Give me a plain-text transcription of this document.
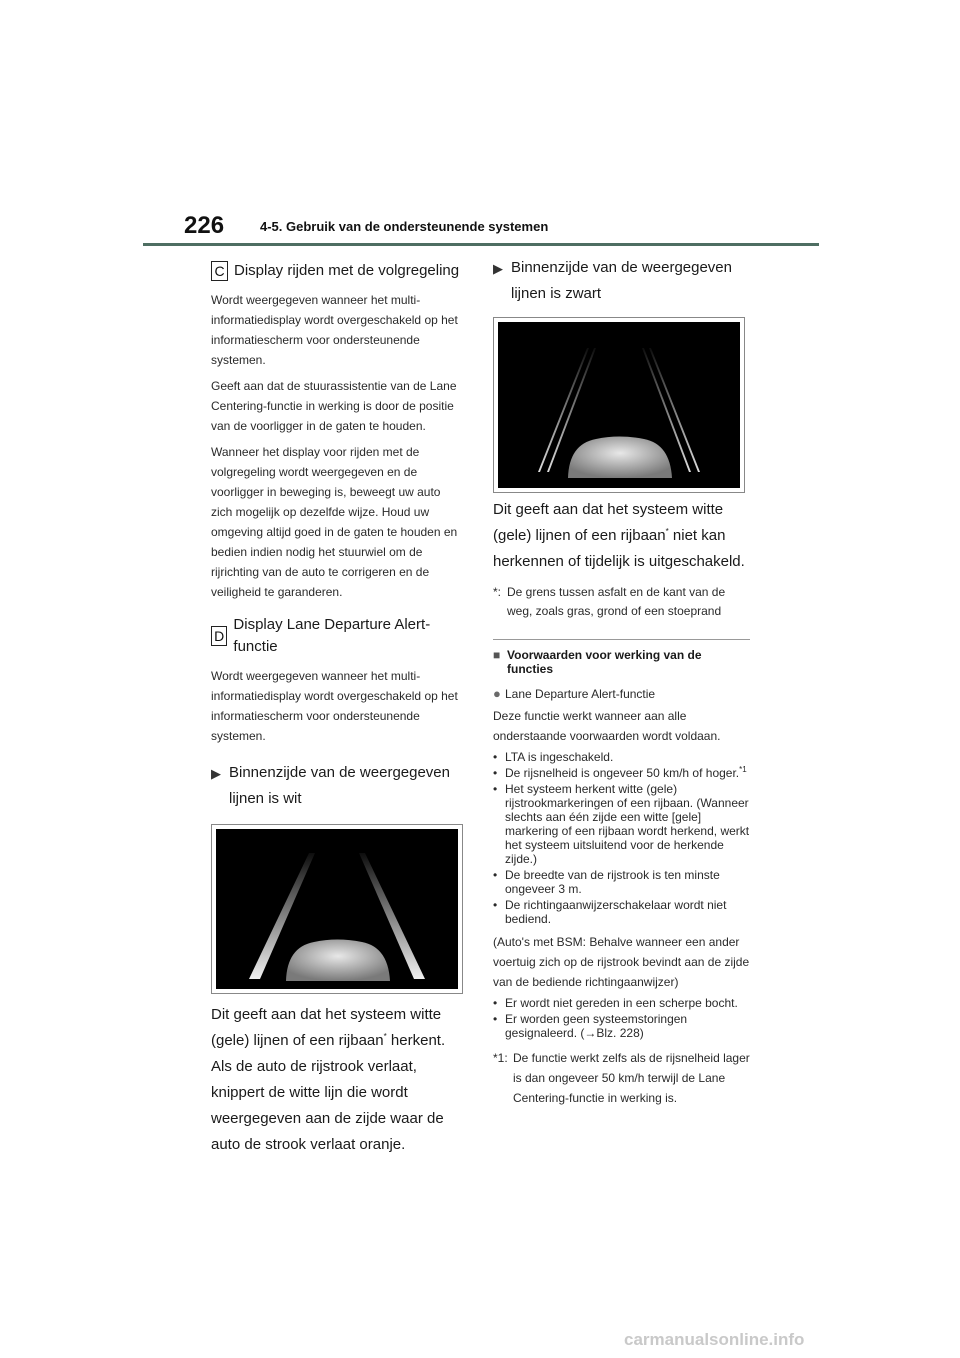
226	4-5. Gebruik van de ondersteunende systemen
C Display rijden met de volgregeling
Wordt weergegeven wanneer het multi-informatiedisplay wordt overgeschakeld op het informatiescherm voor ondersteunende systemen.
Geeft aan dat de stuurassistentie van de Lane Centering-functie in werking is door de positie van de voorligger in de gaten te houden.
Wanneer het display voor rijden met de volgregeling wordt weergegeven en de voorligger in beweging is, beweegt uw auto zich mogelijk op dezelfde wijze. Houd uw omgeving altijd goed in de gaten te houden en bedien indien nodig het stuurwiel om de rijrichting van de auto te corrigeren en de veiligheid te garanderen.
D
Display Lane Departure Alert-functie
Wordt weergegeven wanneer het multi-informatiedisplay wordt overgeschakeld op het informatiescherm voor ondersteunende systemen.
▶ Binnenzijde van de weergegeven lijnen is wit
Dit geeft aan dat het systeem witte (gele) lijnen of een rijbaan* herkent. Als de auto de rijstrook verlaat, knippert de witte lijn die wordt weergegeven aan de zijde waar de auto de strook verlaat oranje.
▶ Binnenzijde van de weergegeven lijnen is zwart
Dit geeft aan dat het systeem witte (gele) lijnen of een rijbaan* niet kan herkennen of tijdelijk is uitgeschakeld.
*: De grens tussen asfalt en de kant van de weg, zoals gras, grond of een stoeprand
■ Voorwaarden voor werking van de functies
● Lane Departure Alert-functie
Deze functie werkt wanneer aan alle onderstaande voorwaarden wordt voldaan.
• LTA is ingeschakeld.
• De rijsnelheid is ongeveer 50 km/h of hoger.$^{*1}$
• Het systeem herkent witte (gele) rijstrookmarkeringen of een rijbaan. (Wanneer slechts aan één zijde een witte [gele] markering of een rijbaan wordt herkend, werkt het systeem uitsluitend voor de herkende zijde.)
• De breedte van de rijstrook is ten minste ongeveer 3 m.
• De richtingaanwijzerschakelaar wordt niet bediend.
(Auto's met BSM: Behalve wanneer een ander voertuig zich op de rijstrook bevindt aan de zijde van de bediende richtingaanwijzer)
• Er wordt niet gereden in een scherpe bocht.
• Er worden geen systeemstoringen gesignaleerd. (→Blz. 228)
*1: De functie werkt zelfs als de rijsnelheid lager is dan ongeveer 50 km/h terwijl de Lane Centering-functie in werking is.
carmanualsonline.info
